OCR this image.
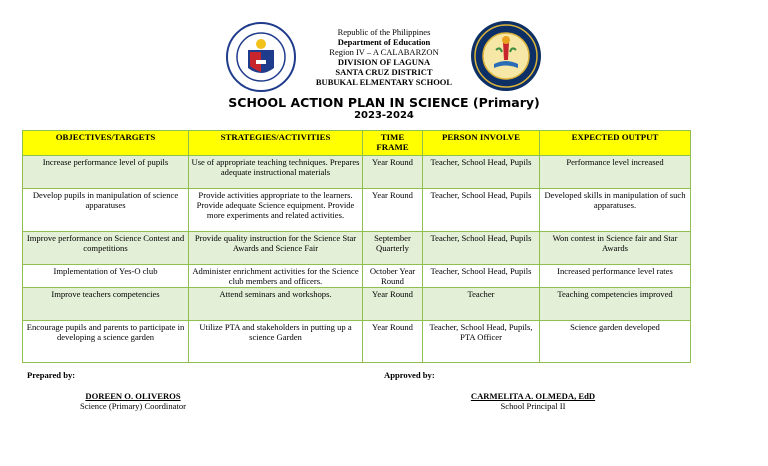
Republic of the Philippines
Department of Education
Region IV – A CALABARZON
DIVISION OF LAGUNA
SANTA CRUZ DISTRICT
BUBUKAL ELMENTARY SCHOOL
SCHOOL ACTION PLAN IN SCIENCE (Primary)
2023-2024
OBJECTIVES/TARGETS	STRATEGIES/ACTIVITIES	TIME FRAME	PERSON INVOLVE	EXPECTED OUTPUT
Increase performance level of pupils	Use of appropriate teaching techniques. Prepares adequate instructional materials	Year Round	Teacher, School Head, Pupils	Performance level increased
Develop pupils in manipulation of science apparatuses	Provide activities appropriate to the learners. Provide adequate Science equipment. Provide more experiments and related activities.	Year Round	Teacher, School Head, Pupils	Developed skills in manipulation of such apparatuses.
Improve performance on Science Contest and competitions	Provide quality instruction for the Science Star Awards and Science Fair	September Quarterly	Teacher, School Head, Pupils	Won contest in Science fair and Star Awards
Implementation of Yes-O club	Administer enrichment activities for the Science club members and officers.	October Year Round	Teacher, School Head, Pupils	Increased performance level rates
Improve teachers competencies	Attend seminars and workshops.	Year Round	Teacher	Teaching competencies improved
Encourage pupils and parents to participate in developing a science garden	Utilize PTA and stakeholders in putting up a science Garden	Year Round	Teacher, School Head, Pupils, PTA Officer	Science garden developed
Prepared by:
DOREEN O. OLIVEROS
Science (Primary) Coordinator
Approved by:
CARMELITA A. OLMEDA, EdD
School Principal II
